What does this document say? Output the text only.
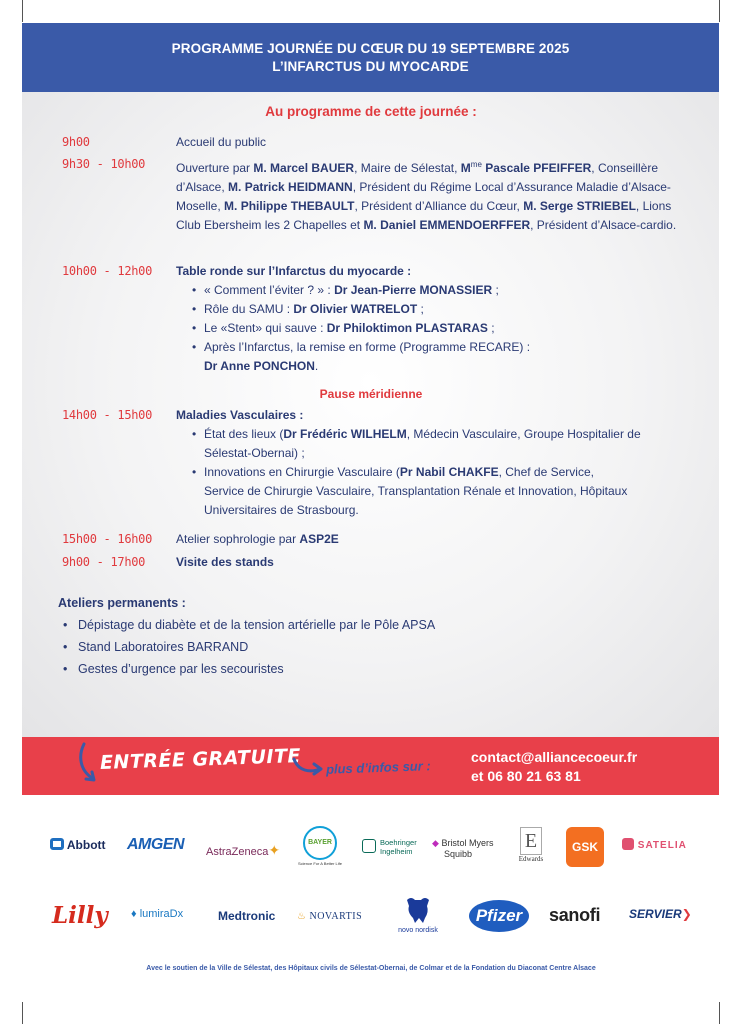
PROGRAMME JOURNÉE DU CŒUR DU 19 SEPTEMBRE 2025
L’INFARCTUS DU MYOCARDE
Au programme de cette journée :
9h00	Accueil du public
9h30 - 10h00	Ouverture par M. Marcel BAUER, Maire de Sélestat, $M^{me}$ Pascale PFEIFFER, Conseillère d’Alsace, M. Patrick HEIDMANN, Président du Régime Local d’Assurance Maladie d’Alsace-Moselle, M. Philippe THEBAULT, Président d’Alliance du Cœur, M. Serge STRIEBEL, Lions Club Ebersheim les 2 Chapelles et M. Daniel EMMENDOERFFER, Président d’Alsace-cardio.
10h00 - 12h00 Table ronde sur l’Infarctus du myocarde :
• « Comment l’éviter ? » : Dr Jean-Pierre MONASSIER ;
• Rôle du SAMU : Dr Olivier WATRELOT ;
• Le «Stent» qui sauve : Dr Philoktimon PLASTARAS ;
• Après l’Infarctus, la remise en forme (Programme RECARE) :
Dr Anne PONCHON.
Pause méridienne
14h00 - 15h00 Maladies Vasculaires :
• État des lieux (Dr Frédéric WILHELM, Médecin Vasculaire, Groupe Hospitalier de
Sélestat-Obernai) ;
• Innovations en Chirurgie Vasculaire (Pr Nabil CHAKFE, Chef de Service,
Service de Chirurgie Vasculaire, Transplantation Rénale et Innovation, Hôpitaux
Universitaires de Strasbourg.
15h00 - 16h00 Atelier sophrologie par ASP2E
9h00 - 17h00	Visite des stands
Ateliers permanents :
• Dépistage du diabète et de la tension artérielle par le Pôle APSA
• Stand Laboratoires BARRAND
• Gestes d’urgence par les secouristes
ENTRÉE GRATUITE plus d’infos sur :
contact@alliancecoeur.fr
et 06 80 21 63 81
Abbott AMGEN AstraZeneca✦	BAYER
Science For A Better Life
Boehringer
Ingelheim
◆ Bristol Myers
Squibb
E
Edwards
GSK	SATELIA
Lilly ♦ lumiraDx	Medtronic ♨ NOVARTIS
novo nordisk
Pfizer	sanofi SERVIER❯
Avec le soutien de la Ville de Sélestat, des Hôpitaux civils de Sélestat-Obernai, de Colmar et de la Fondation du Diaconat Centre Alsace
